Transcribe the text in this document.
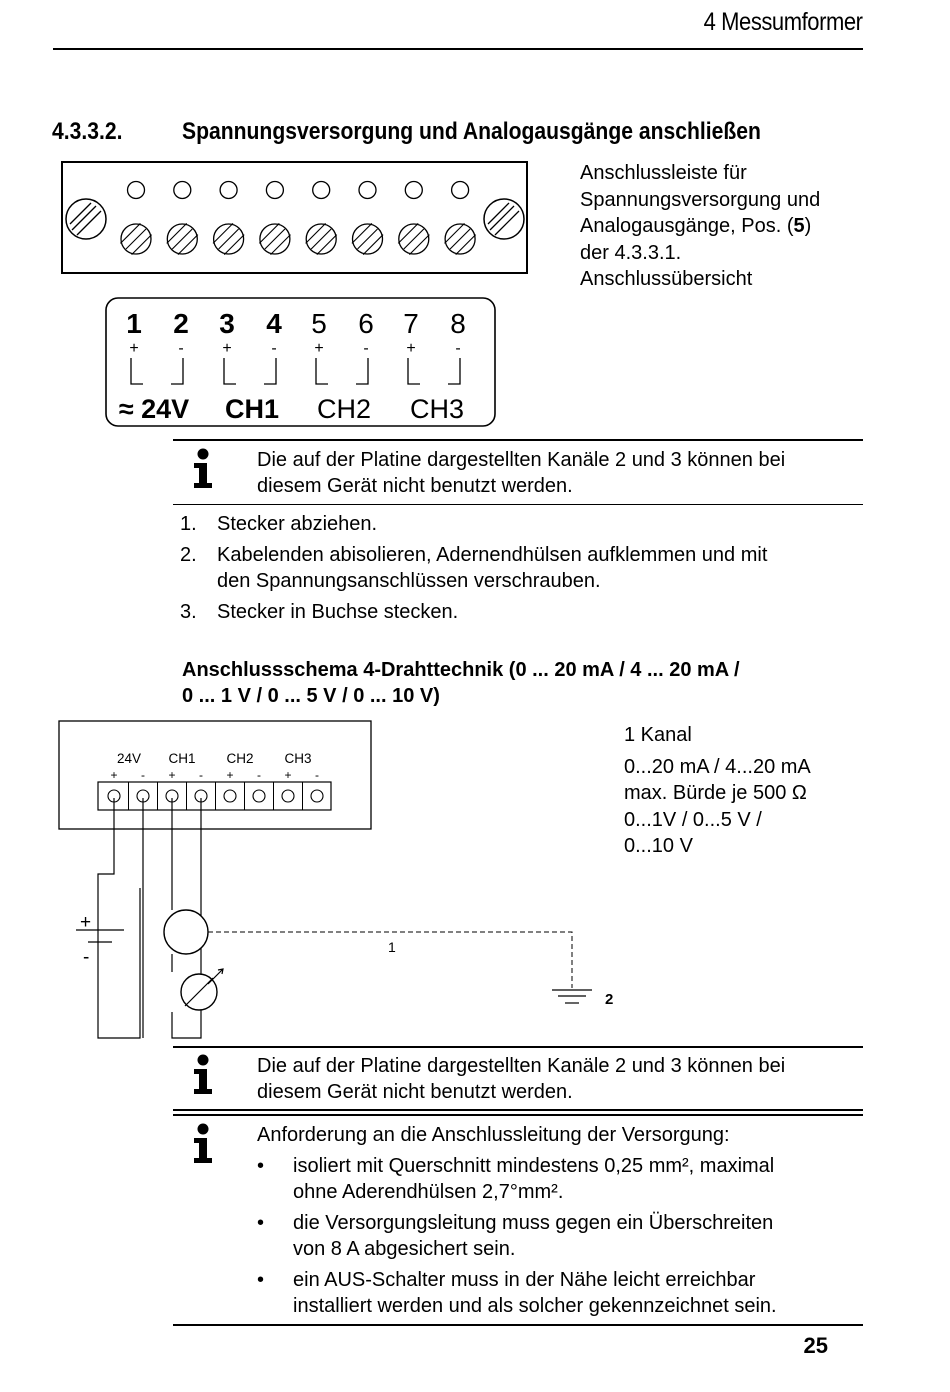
4 Messumformer
4.3.3.2. Spannungsversorgung und Analogausgänge anschließen
Anschlussleiste für
Spannungsversorgung und
Analogausgänge, Pos. (5)
der 4.3.3.1.
Anschlussübersicht
1 2 3 4 5 6 7 8
+ - + - + - + -
≈ 24V CH1 CH2 CH3
Die auf der Platine dargestellten Kanäle 2 und 3 können bei
diesem Gerät nicht benutzt werden.
1.	Stecker abziehen.
2.	Kabelenden abisolieren, Adernendhülsen aufklemmen und mit
den Spannungsanschlüssen verschrauben.
3.	Stecker in Buchse stecken.
Anschlussschema 4-Drahttechnik (0 ... 20 mA / 4 ... 20 mA /
0 ... 1 V / 0 ... 5 V / 0 ... 10 V)
24V CH1 CH2 CH3
+ - + - + - + -
+
-	1
2
1 Kanal
0...20 mA / 4...20 mA
max. Bürde je 500 Ω
0...1V / 0...5 V /
0...10 V
Die auf der Platine dargestellten Kanäle 2 und 3 können bei
diesem Gerät nicht benutzt werden.
Anforderung an die Anschlussleitung der Versorgung:
•	isoliert mit Querschnitt mindestens 0,25 mm², maximal
ohne Aderendhülsen 2,7°mm².
•	die Versorgungsleitung muss gegen ein Überschreiten
von 8 A abgesichert sein.
•	ein AUS-Schalter muss in der Nähe leicht erreichbar
installiert werden und als solcher gekennzeichnet sein.
25
